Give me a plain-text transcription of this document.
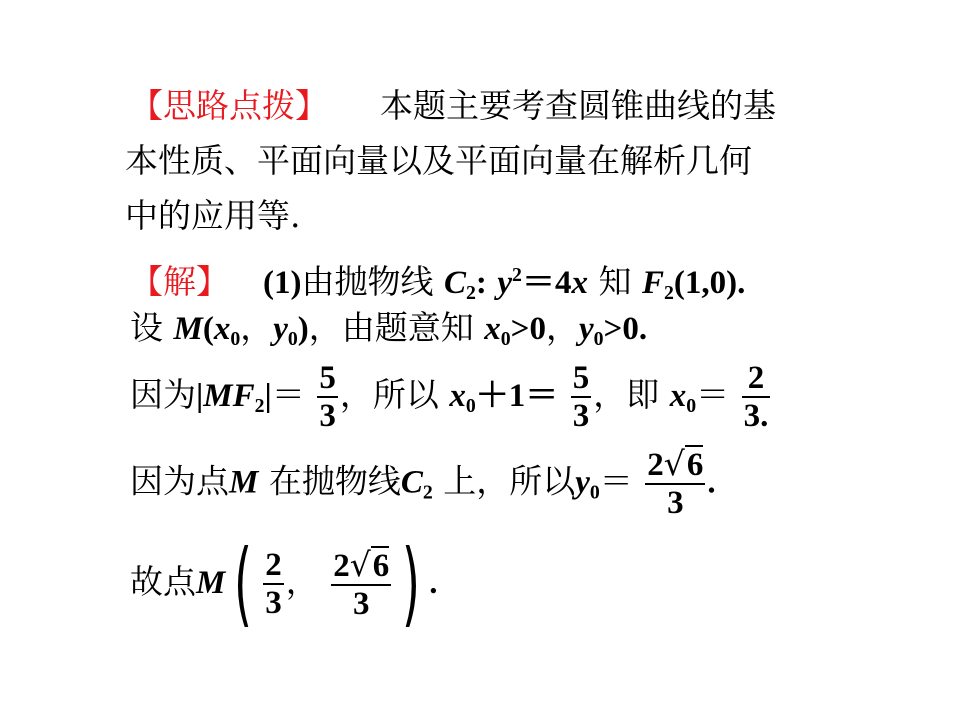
【思路点拨】 本题主要考查圆锥曲线的基
本性质、平面向量以及平面向量在解析几何
中的应用等.
【解】 (1)由抛物线 $C_2$: $y^2=4x$ 知 $F_2(1,0)$.
设 $M(x_0$，$y_0$)，由题意知 $x_0>0$，$y_0>0$.
因为$|MF_2|= \frac{5}{3}$ ，所以 $x_0+1= \frac{5}{3}$ ，即 $x_0= \frac{2}{3.}$
因为点M 在抛物线$C_2$ 上，所以$y_0= \frac{2√6}{3}$ .
故点$M( \frac{2}{3}$ ， $\frac{2√6}{3}$ ) .
